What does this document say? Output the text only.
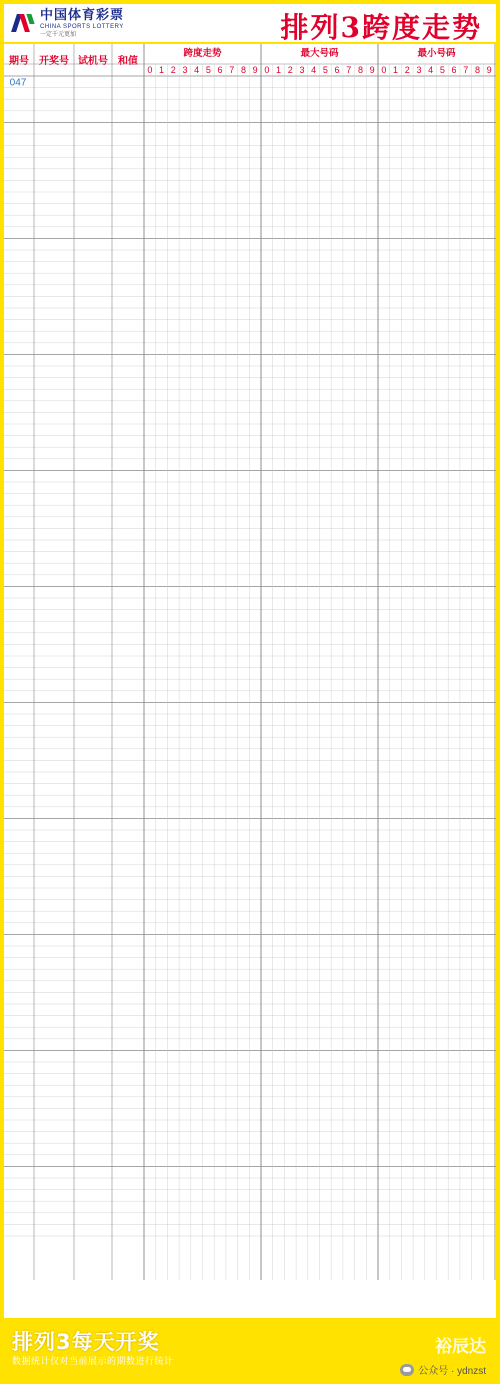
中国体育彩票
CHINA SPORTS LOTTERY
一定千元更加	排列3跨度走势
期号 开奖号 试机号 和值
跨度走势
0 1 2 3 4 5 6 7 8 9
最大号码
0 1 2 3 4 5 6 7 8 9
最小号码
0 1 2 3 4 5 6 7 8 9
047
排列3每天开奖
数据统计仅对当前展示的期数进行统计
裕辰达
公众号 · ydnzst
